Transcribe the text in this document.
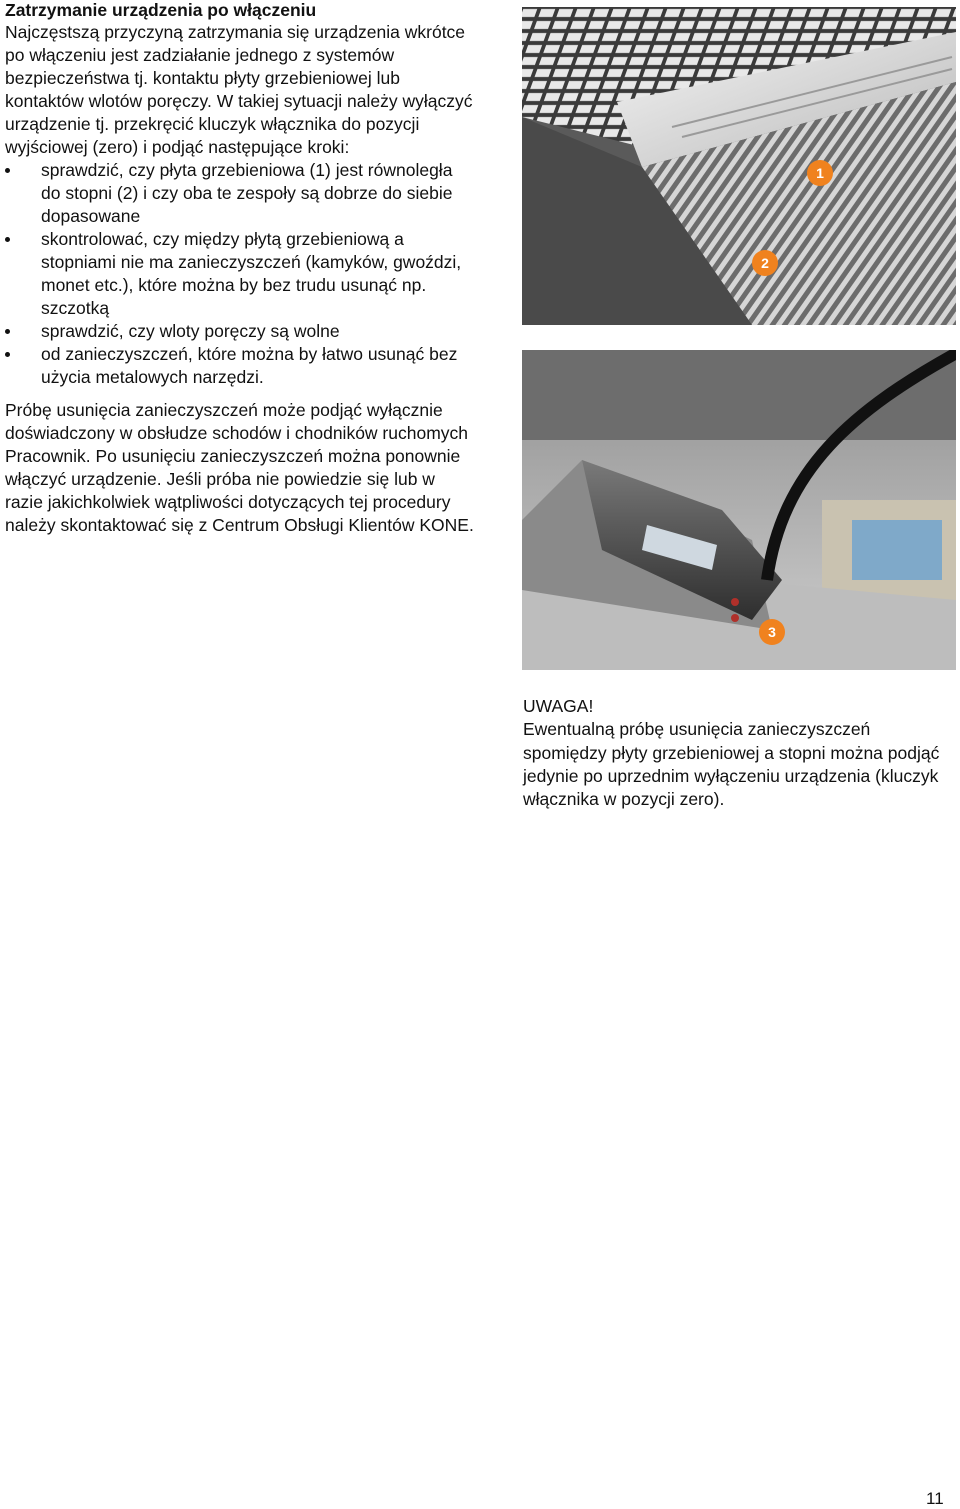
Zatrzymanie urządzenia po włączeniu

Najczęstszą przyczyną zatrzymania się urządzenia wkrótce po włączeniu jest zadziałanie jednego z systemów bezpieczeństwa tj. kontaktu płyty grzebieniowej lub kontaktów wlotów poręczy. W takiej sytuacji należy wyłączyć urządzenie tj. przekręcić kluczyk włącznika do pozycji wyjściowej (zero) i podjąć następujące kroki:

sprawdzić, czy płyta grzebieniowa (1) jest równoległa do stopni (2) i czy oba te zespoły są dobrze do siebie dopasowane
skontrolować, czy między płytą grzebieniową a stopniami nie ma zanieczyszczeń (kamyków, gwoździ, monet etc.), które można by bez trudu usunąć np. szczotką
sprawdzić, czy wloty poręczy są wolne
od zanieczyszczeń, które można by łatwo usunąć bez użycia metalowych narzędzi.

Próbę usunięcia zanieczyszczeń może podjąć wyłącznie doświadczony w obsłudze schodów i chodników ruchomych Pracownik. Po usunięciu zanieczyszczeń można ponownie włączyć urządzenie. Jeśli próba nie powiedzie się lub w razie jakichkolwiek wątpliwości dotyczących tej procedury należy skontaktować się z Centrum Obsługi Klientów KONE.

1
2
3
UWAGA!
Ewentualną próbę usunięcia zanieczyszczeń spomiędzy płyty grzebieniowej a stopni można podjąć jedynie po uprzednim wyłączeniu urządzenia (kluczyk włącznika w pozycji zero).
11
